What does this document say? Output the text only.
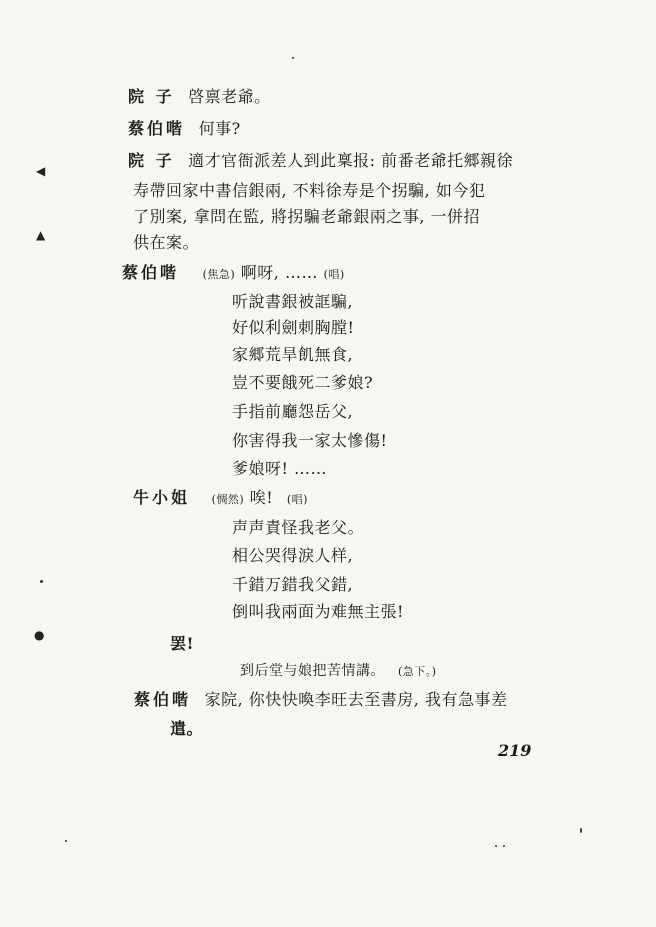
院 子 啓禀老爺。
蔡伯喈 何事?
院 子 適才官衙派差人到此稟报: 前番老爺托郷親徐
寿帶回家中書信銀兩, 不料徐寿是个拐騙, 如今犯
了別案, 拿問在監, 將拐騙老爺銀兩之事, 一併招
供在案。
蔡伯喈 (焦急) 啊呀, …… (唱)
听說書銀被誆騙,
好似利劍刺胸膛!
家郷荒旱飢無食,
豈不要餓死二爹娘?
手指前廳怨岳父,
你害得我一家太慘傷!
爹娘呀! ……
牛小姐 (惆然) 唉! (唱)
声声責怪我老父。
相公哭得淚人样,
千錯万錯我父錯,
倒叫我兩面为难無主張!
罢!
到后堂与娘把苦情講。 (急下。)
蔡伯喈 家院, 你快快喚李旺去至書房, 我有急事差
遣。
219
◀
▲
●
